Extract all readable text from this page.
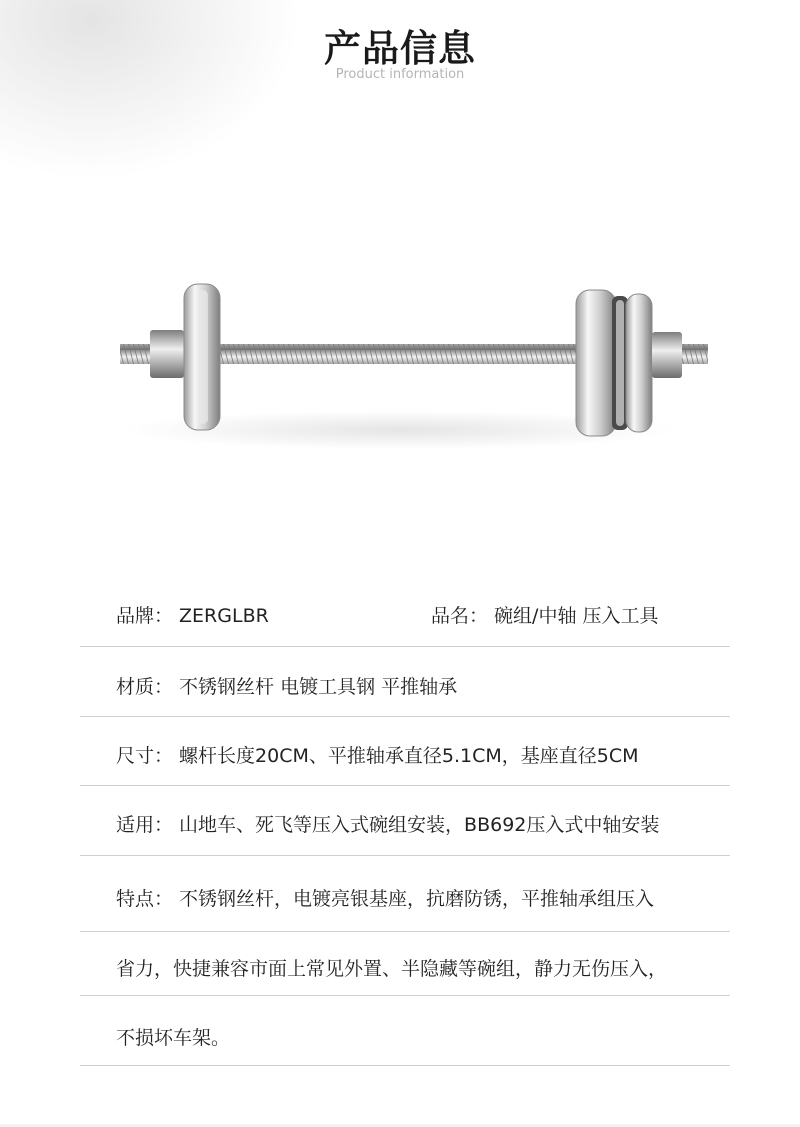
产品信息
Product information
品牌： ZERGLBR	品名： 碗组/中轴 压入工具
材质： 不锈钢丝杆 电镀工具钢 平推轴承
尺寸： 螺杆长度20CM、平推轴承直径5.1CM，基座直径5CM
适用： 山地车、死飞等压入式碗组安装，BB692压入式中轴安装
特点： 不锈钢丝杆，电镀亮银基座，抗磨防锈，平推轴承组压入
省力，快捷兼容市面上常见外置、半隐藏等碗组，静力无伤压入，
不损坏车架。
